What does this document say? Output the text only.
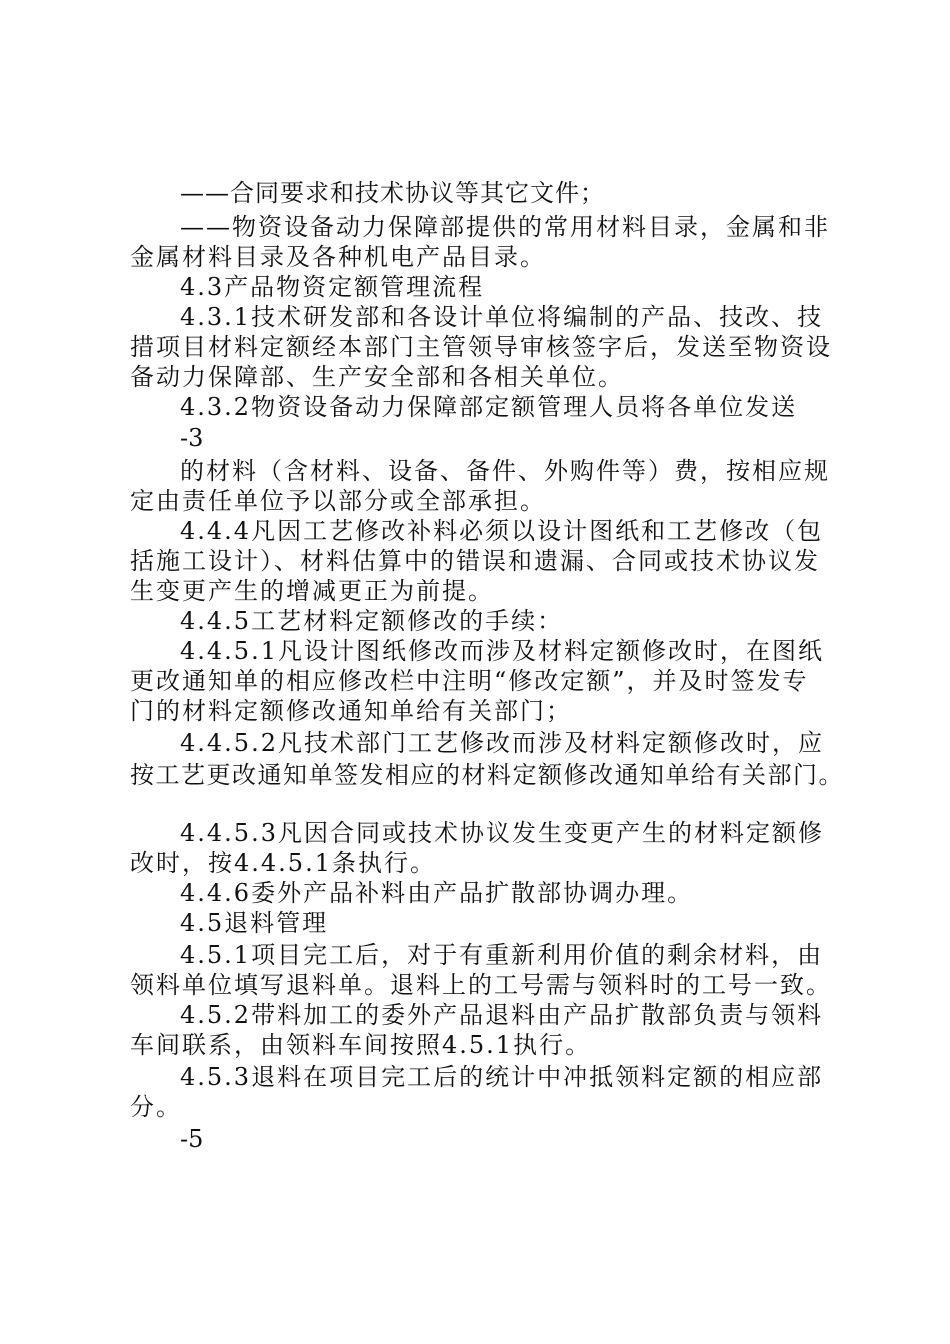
——合同要求和技术协议等其它文件；
——物资设备动力保障部提供的常用材料目录，金属和非
金属材料目录及各种机电产品目录。
4.3产品物资定额管理流程
4.3.1技术研发部和各设计单位将编制的产品、技改、技
措项目材料定额经本部门主管领导审核签字后，发送至物资设
备动力保障部、生产安全部和各相关单位。
4.3.2物资设备动力保障部定额管理人员将各单位发送
-3
的材料（含材料、设备、备件、外购件等）费，按相应规
定由责任单位予以部分或全部承担。
4.4.4凡因工艺修改补料必须以设计图纸和工艺修改（包
括施工设计）、材料估算中的错误和遗漏、合同或技术协议发
生变更产生的增减更正为前提。
4.4.5工艺材料定额修改的手续：
4.4.5.1凡设计图纸修改而涉及材料定额修改时，在图纸
更改通知单的相应修改栏中注明“修改定额”，并及时签发专
门的材料定额修改通知单给有关部门；
4.4.5.2凡技术部门工艺修改而涉及材料定额修改时，应
按工艺更改通知单签发相应的材料定额修改通知单给有关部门。
4.4.5.3凡因合同或技术协议发生变更产生的材料定额修
改时，按4.4.5.1条执行。
4.4.6委外产品补料由产品扩散部协调办理。
4.5退料管理
4.5.1项目完工后，对于有重新利用价值的剩余材料，由
领料单位填写退料单。退料上的工号需与领料时的工号一致。
4.5.2带料加工的委外产品退料由产品扩散部负责与领料
车间联系，由领料车间按照4.5.1执行。
4.5.3退料在项目完工后的统计中冲抵领料定额的相应部
分。
-5
